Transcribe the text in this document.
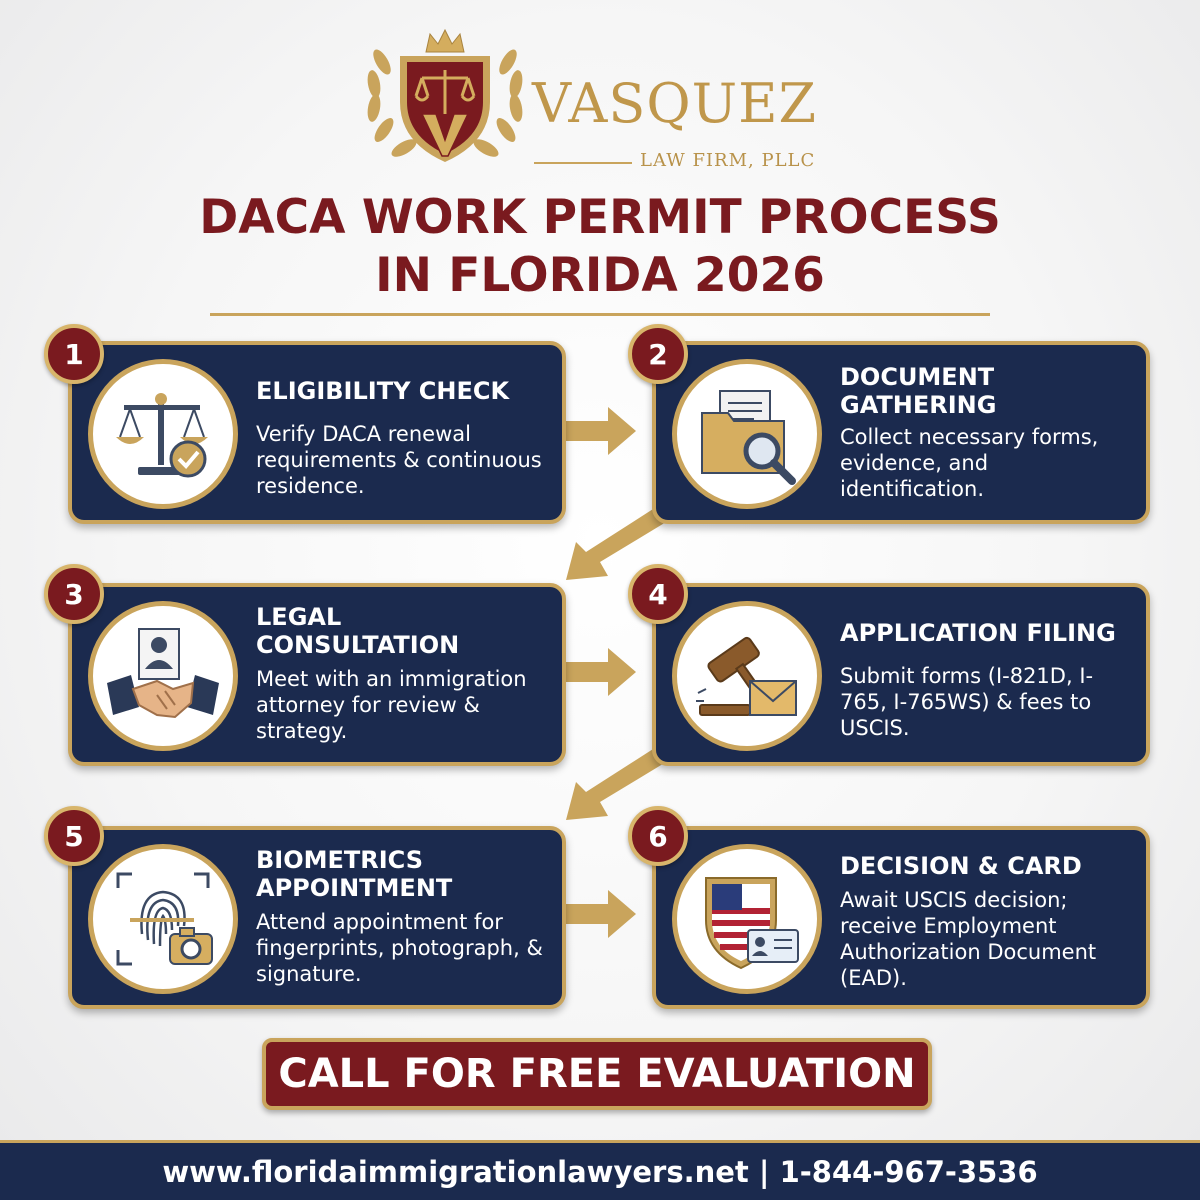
VASQUEZ
LAW FIRM, PLLC
DACA WORK PERMIT PROCESS
IN FLORIDA 2026
ELIGIBILITY CHECK
Verify DACA renewal requirements & continuous residence.
1
DOCUMENT GATHERING
Collect necessary forms, evidence, and identification.
2
LEGAL CONSULTATION
Meet with an immigration attorney for review & strategy.
3
APPLICATION FILING
Submit forms (I-821D, I-765, I-765WS) & fees to USCIS.
4
BIOMETRICS APPOINTMENT
Attend appointment for fingerprints, photograph, & signature.
5
DECISION & CARD
Await USCIS decision; receive Employment Authorization Document (EAD).
6
CALL FOR FREE EVALUATION
www.floridaimmigrationlawyers.net | 1-844-967-3536
